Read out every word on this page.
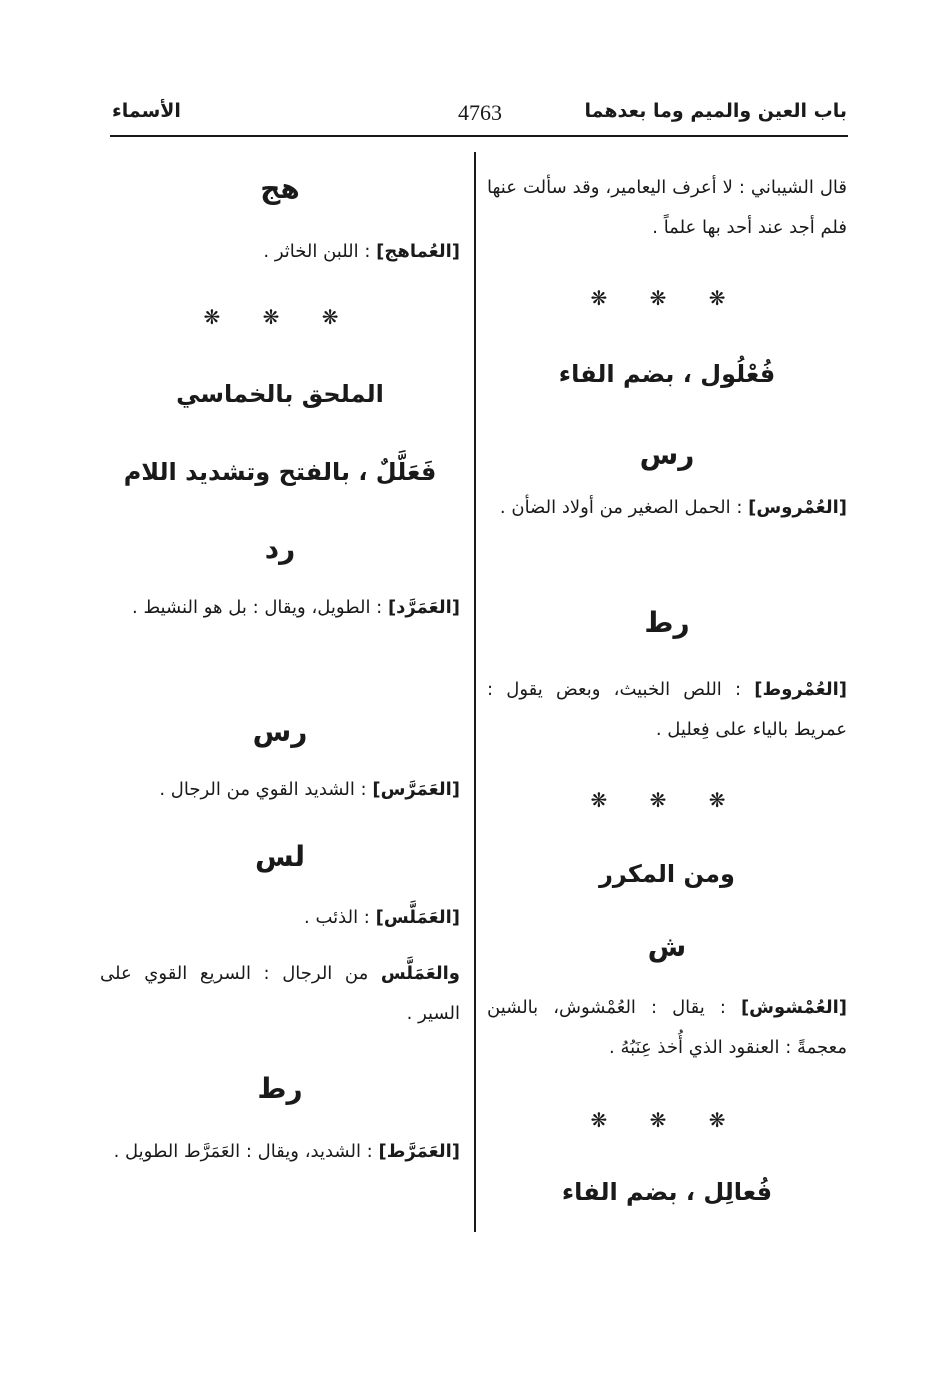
باب العين والميم وما بعدهما
4763
الأسماء
قال الشيباني : لا أعرف اليعامير، وقد سألت عنها فلم أجد عند أحد بها علماً .
❋ ❋ ❋
فُعْلُول ، بضم الفاء
رس
[العُمْروس] : الحمل الصغير من أولاد الضأن .
رط
[العُمْروط] : اللص الخبيث، وبعض يقول : عمريط بالياء على فِعليل .
❋ ❋ ❋
ومن المكرر
ش
[العُمْشوش] : يقال : العُمْشوش، بالشين معجمةً : العنقود الذي أُخذ عِنَبُهُ .
❋ ❋ ❋
فُعالِل ، بضم الفاء
هج
[العُماهج] : اللبن الخاثر .
❋ ❋ ❋
الملحق بالخماسي
فَعَلَّلٌ ، بالفتح وتشديد اللام
رد
[العَمَرَّد] : الطويل، ويقال : بل هو النشيط .
رس
[العَمَرَّس] : الشديد القوي من الرجال .
لس
[العَمَلَّس] : الذئب .
والعَمَلَّس من الرجال : السريع القوي على السير .
رط
[العَمَرَّط] : الشديد، ويقال : العَمَرَّط الطويل .
